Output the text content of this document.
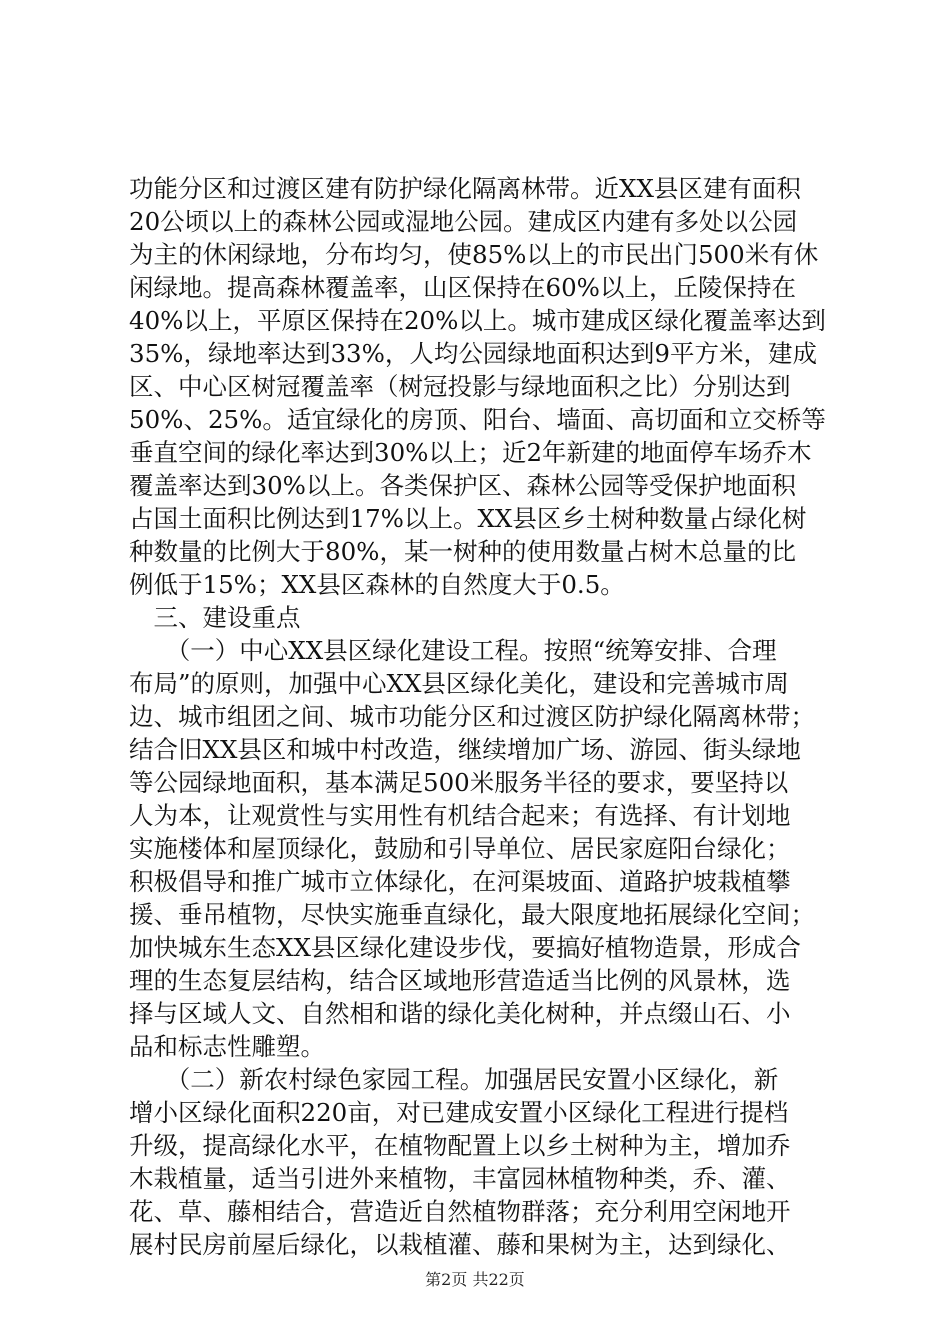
功能分区和过渡区建有防护绿化隔离林带。近XX县区建有面积
20公顷以上的森林公园或湿地公园。建成区内建有多处以公园
为主的休闲绿地，分布均匀，使85%以上的市民出门500米有休
闲绿地。提高森林覆盖率，山区保持在60%以上，丘陵保持在
40%以上，平原区保持在20%以上。城市建成区绿化覆盖率达到
35%，绿地率达到33%，人均公园绿地面积达到9平方米，建成
区、中心区树冠覆盖率（树冠投影与绿地面积之比）分别达到
50%、25%。适宜绿化的房顶、阳台、墙面、高切面和立交桥等
垂直空间的绿化率达到30%以上；近2年新建的地面停车场乔木
覆盖率达到30%以上。各类保护区、森林公园等受保护地面积
占国土面积比例达到17%以上。XX县区乡土树种数量占绿化树
种数量的比例大于80%，某一树种的使用数量占树木总量的比
例低于15%；XX县区森林的自然度大于0.5。
　三、建设重点
　　（一）中心XX县区绿化建设工程。按照“统筹安排、合理
布局”的原则，加强中心XX县区绿化美化，建设和完善城市周
边、城市组团之间、城市功能分区和过渡区防护绿化隔离林带；
结合旧XX县区和城中村改造，继续增加广场、游园、街头绿地
等公园绿地面积，基本满足500米服务半径的要求，要坚持以
人为本，让观赏性与实用性有机结合起来；有选择、有计划地
实施楼体和屋顶绿化，鼓励和引导单位、居民家庭阳台绿化；
积极倡导和推广城市立体绿化，在河渠坡面、道路护坡栽植攀
援、垂吊植物，尽快实施垂直绿化，最大限度地拓展绿化空间；
加快城东生态XX县区绿化建设步伐，要搞好植物造景，形成合
理的生态复层结构，结合区域地形营造适当比例的风景林，选
择与区域人文、自然相和谐的绿化美化树种，并点缀山石、小
品和标志性雕塑。
　　（二）新农村绿色家园工程。加强居民安置小区绿化，新
增小区绿化面积220亩，对已建成安置小区绿化工程进行提档
升级，提高绿化水平，在植物配置上以乡土树种为主，增加乔
木栽植量，适当引进外来植物，丰富园林植物种类，乔、灌、
花、草、藤相结合，营造近自然植物群落；充分利用空闲地开
展村民房前屋后绿化，以栽植灌、藤和果树为主，达到绿化、
第2页 共22页
